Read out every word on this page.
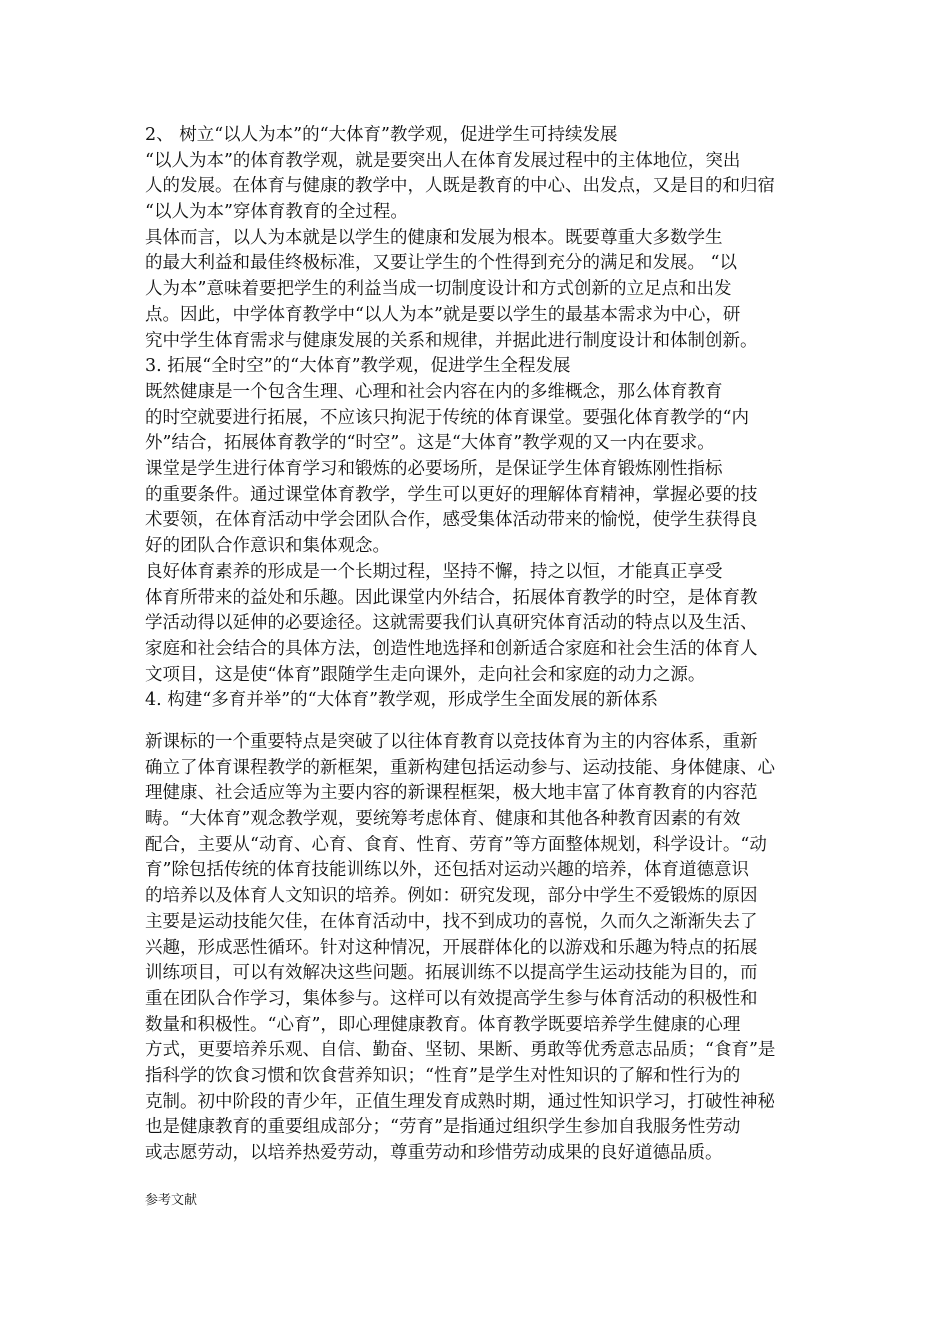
2、 树立“以人为本”的“大体育”教学观，促进学生可持续发展
“以人为本”的体育教学观，就是要突出人在体育发展过程中的主体地位，突出
人的发展。在体育与健康的教学中，人既是教育的中心、出发点，又是目的和归宿
“以人为本”穿体育教育的全过程。
具体而言，以人为本就是以学生的健康和发展为根本。既要尊重大多数学生
的最大利益和最佳终极标准，又要让学生的个性得到充分的满足和发展。 “以
人为本”意味着要把学生的利益当成一切制度设计和方式创新的立足点和出发
点。因此，中学体育教学中“以人为本”就是要以学生的最基本需求为中心，研
究中学生体育需求与健康发展的关系和规律，并据此进行制度设计和体制创新。
3. 拓展“全时空”的“大体育”教学观，促进学生全程发展
既然健康是一个包含生理、心理和社会内容在内的多维概念，那么体育教育
的时空就要进行拓展，不应该只拘泥于传统的体育课堂。要强化体育教学的“内
外”结合，拓展体育教学的“时空”。这是“大体育”教学观的又一内在要求。
课堂是学生进行体育学习和锻炼的必要场所，是保证学生体育锻炼刚性指标
的重要条件。通过课堂体育教学，学生可以更好的理解体育精神，掌握必要的技
术要领，在体育活动中学会团队合作，感受集体活动带来的愉悦，使学生获得良
好的团队合作意识和集体观念。
良好体育素养的形成是一个长期过程，坚持不懈，持之以恒，才能真正享受
体育所带来的益处和乐趣。因此课堂内外结合，拓展体育教学的时空，是体育教
学活动得以延伸的必要途径。这就需要我们认真研究体育活动的特点以及生活、
家庭和社会结合的具体方法，创造性地选择和创新适合家庭和社会生活的体育人
文项目，这是使“体育”跟随学生走向课外，走向社会和家庭的动力之源。
4. 构建“多育并举”的“大体育”教学观，形成学生全面发展的新体系
新课标的一个重要特点是突破了以往体育教育以竞技体育为主的内容体系，重新
确立了体育课程教学的新框架，重新构建包括运动参与、运动技能、身体健康、心
理健康、社会适应等为主要内容的新课程框架，极大地丰富了体育教育的内容范
畴。“大体育”观念教学观，要统筹考虑体育、健康和其他各种教育因素的有效
配合，主要从“动育、心育、食育、性育、劳育”等方面整体规划，科学设计。“动
育”除包括传统的体育技能训练以外，还包括对运动兴趣的培养，体育道德意识
的培养以及体育人文知识的培养。例如：研究发现，部分中学生不爱锻炼的原因
主要是运动技能欠佳，在体育活动中，找不到成功的喜悦，久而久之渐渐失去了
兴趣，形成恶性循环。针对这种情况，开展群体化的以游戏和乐趣为特点的拓展
训练项目，可以有效解决这些问题。拓展训练不以提高学生运动技能为目的，而
重在团队合作学习，集体参与。这样可以有效提高学生参与体育活动的积极性和
数量和积极性。“心育”，即心理健康教育。体育教学既要培养学生健康的心理
方式，更要培养乐观、自信、勤奋、坚韧、果断、勇敢等优秀意志品质；“食育”是
指科学的饮食习惯和饮食营养知识；“性育”是学生对性知识的了解和性行为的
克制。初中阶段的青少年，正值生理发育成熟时期，通过性知识学习，打破性神秘
也是健康教育的重要组成部分；“劳育”是指通过组织学生参加自我服务性劳动
或志愿劳动，以培养热爱劳动，尊重劳动和珍惜劳动成果的良好道德品质。
参考文献
